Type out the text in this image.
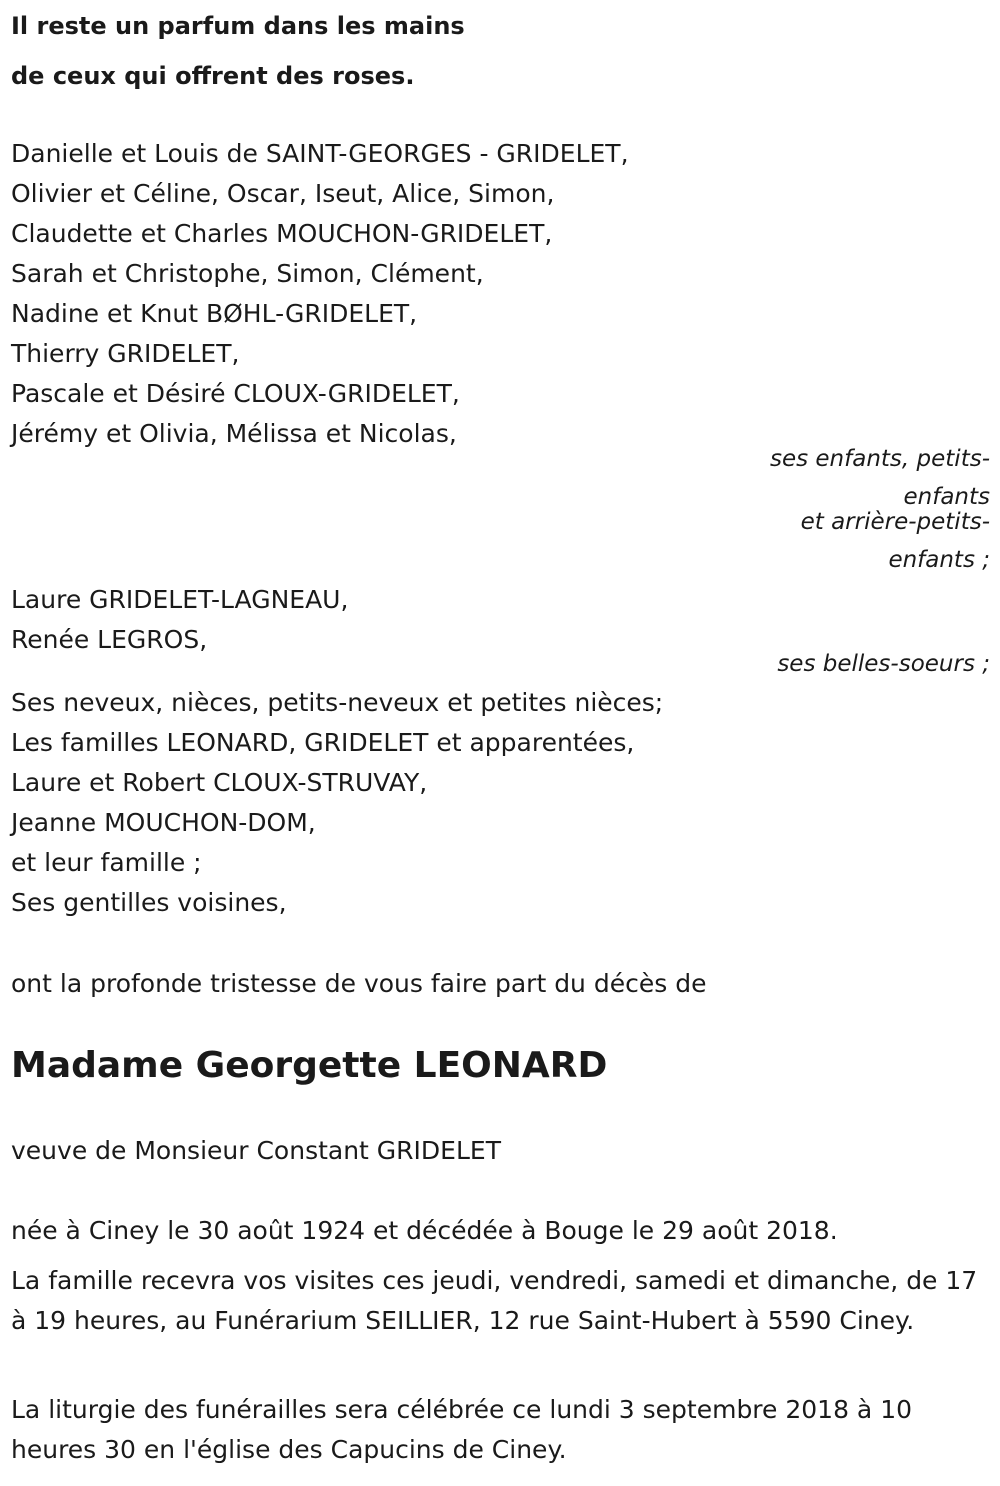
Il reste un parfum dans les mains
de ceux qui offrent des roses.
Danielle et Louis de SAINT-GEORGES - GRIDELET,
Olivier et Céline, Oscar, Iseut, Alice, Simon,
Claudette et Charles MOUCHON-GRIDELET,
Sarah et Christophe, Simon, Clément,
Nadine et Knut BØHL-GRIDELET,
Thierry GRIDELET,
Pascale et Désiré CLOUX-GRIDELET,
Jérémy et Olivia, Mélissa et Nicolas,
ses enfants, petits-
enfants
et arrière-petits-
enfants ;
Laure GRIDELET-LAGNEAU,
Renée LEGROS,
ses belles-soeurs ;
Ses neveux, nièces, petits-neveux et petites nièces;
Les familles LEONARD, GRIDELET et apparentées,
Laure et Robert CLOUX-STRUVAY,
Jeanne MOUCHON-DOM,
et leur famille ;
Ses gentilles voisines,
ont la profonde tristesse de vous faire part du décès de
Madame Georgette LEONARD
veuve de Monsieur Constant GRIDELET
née à Ciney le 30 août 1924 et décédée à Bouge le 29 août 2018.
La famille recevra vos visites ces jeudi, vendredi, samedi et dimanche, de 17 à 19 heures, au Funérarium SEILLIER, 12 rue Saint-Hubert à 5590 Ciney.
La liturgie des funérailles sera célébrée ce lundi 3 septembre 2018 à 10 heures 30 en l'église des Capucins de Ciney.
